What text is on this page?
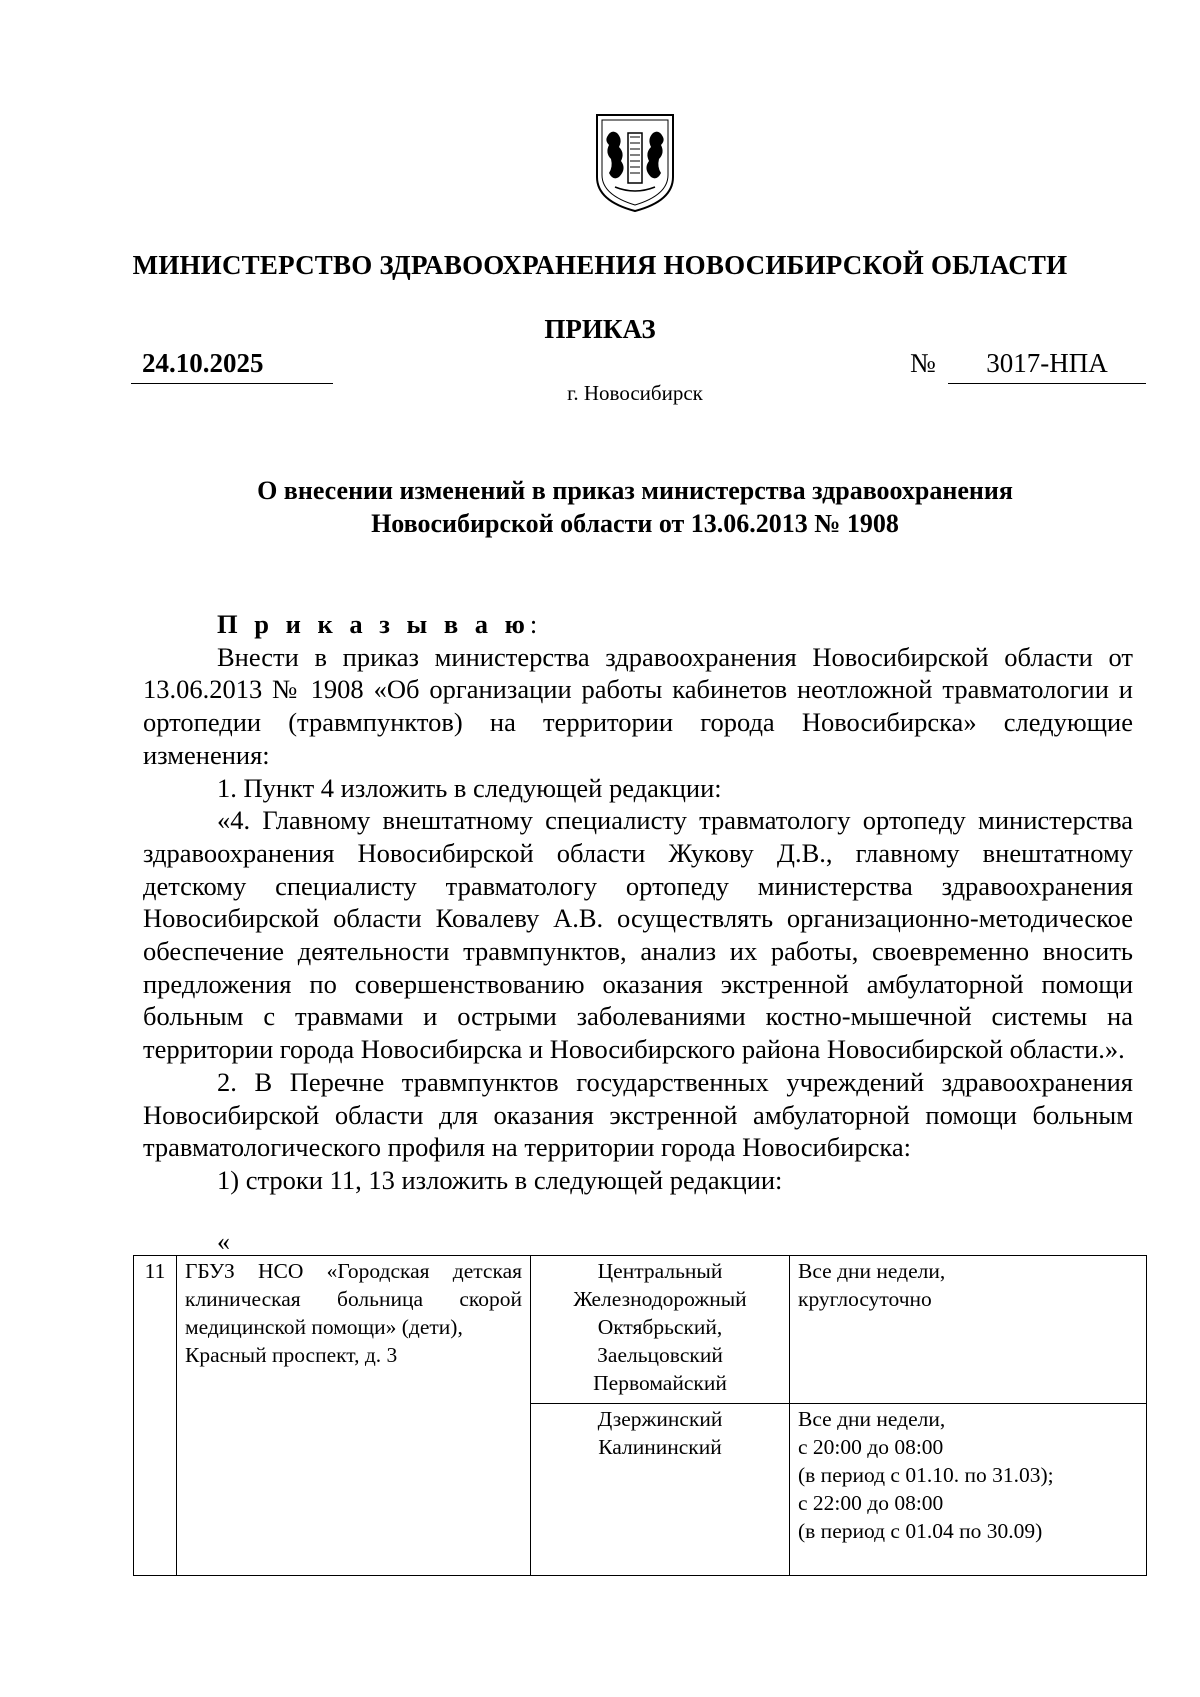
МИНИСТЕРСТВО ЗДРАВООХРАНЕНИЯ НОВОСИБИРСКОЙ ОБЛАСТИ
ПРИКАЗ
24.10.2025	№	3017-НПА
г. Новосибирск
О внесении изменений в приказ министерства здравоохранения
Новосибирской области от 13.06.2013 № 1908

П р и к а з ы в а ю:

Внести в приказ министерства здравоохранения Новосибирской области от 13.06.2013 № 1908 «Об организации работы кабинетов неотложной травматологии и ортопедии (травмпунктов) на территории города Новосибирска» следующие изменения:

1. Пункт 4 изложить в следующей редакции:

«4. Главному внештатному специалисту травматологу ортопеду министерства здравоохранения Новосибирской области Жукову Д.В., главному внештатному детскому специалисту травматологу ортопеду министерства здравоохранения Новосибирской области Ковалеву А.В. осуществлять организационно-методическое обеспечение деятельности травмпунктов, анализ их работы, своевременно вносить предложения по совершенствованию оказания экстренной амбулаторной помощи больным с травмами и острыми заболеваниями костно-мышечной системы на территории города Новосибирска и Новосибирского района Новосибирской области.».

2. В Перечне травмпунктов государственных учреждений здравоохранения Новосибирской области для оказания экстренной амбулаторной помощи больным травматологического профиля на территории города Новосибирска:

1) строки 11, 13 изложить в следующей редакции:

«
11	ГБУЗ НСО «Городская детская
клиническая больница скорой
медицинской помощи» (дети),
Красный проспект, д. 3	Центральный
Железнодорожный
Октябрьский,
Заельцовский
Первомайский	Все дни недели,
круглосуточно

		Дзержинский
Калининский	Все дни недели,
с 20:00 до 08:00
(в период с 01.10. по 31.03);
с 22:00 до 08:00
(в период с 01.04 по 30.09)
